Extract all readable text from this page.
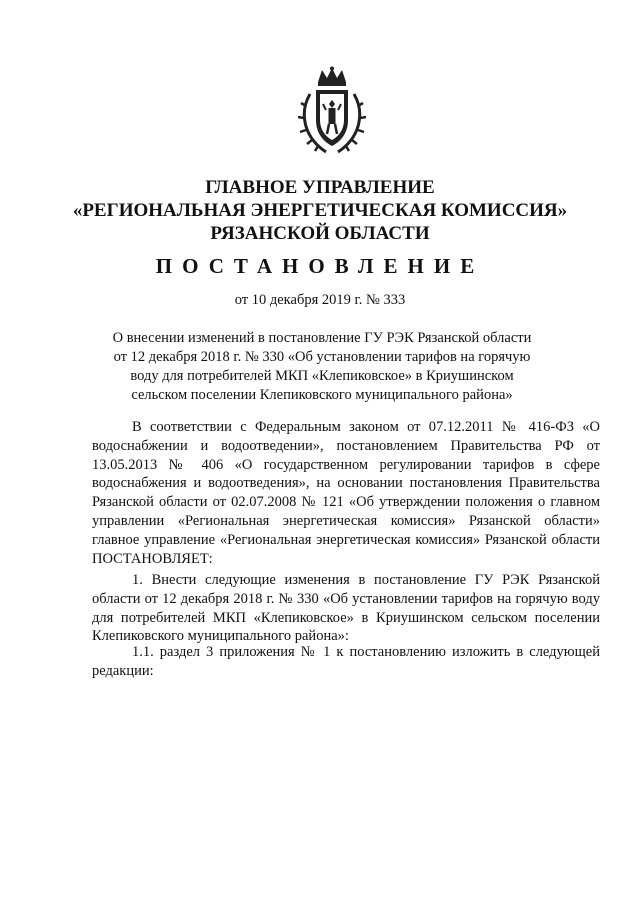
ГЛАВНОЕ УПРАВЛЕНИЕ
«РЕГИОНАЛЬНАЯ ЭНЕРГЕТИЧЕСКАЯ КОМИССИЯ»
РЯЗАНСКОЙ ОБЛАСТИ
ПОСТАНОВЛЕНИЕ
от 10 декабря 2019 г. № 333
О внесении изменений в постановление ГУ РЭК Рязанской области от 12 декабря 2018 г. № 330 «Об установлении тарифов на горячую воду для потребителей МКП «Клепиковское» в Криушинском сельском поселении Клепиковского муниципального района»
В соответствии с Федеральным законом от 07.12.2011 № 416-ФЗ «О водоснабжении и водоотведении», постановлением Правительства РФ от 13.05.2013 № 406 «О государственном регулировании тарифов в сфере водоснабжения и водоотведения», на основании постановления Правительства Рязанской области от 02.07.2008 № 121 «Об утверждении положения о главном управлении «Региональная энергетическая комиссия» Рязанской области» главное управление «Региональная энергетическая комиссия» Рязанской области ПОСТАНОВЛЯЕТ:
1. Внести следующие изменения в постановление ГУ РЭК Рязанской области от 12 декабря 2018 г. № 330 «Об установлении тарифов на горячую воду для потребителей МКП «Клепиковское» в Криушинском сельском поселении Клепиковского муниципального района»:
1.1. раздел 3 приложения № 1 к постановлению изложить в следующей редакции:
